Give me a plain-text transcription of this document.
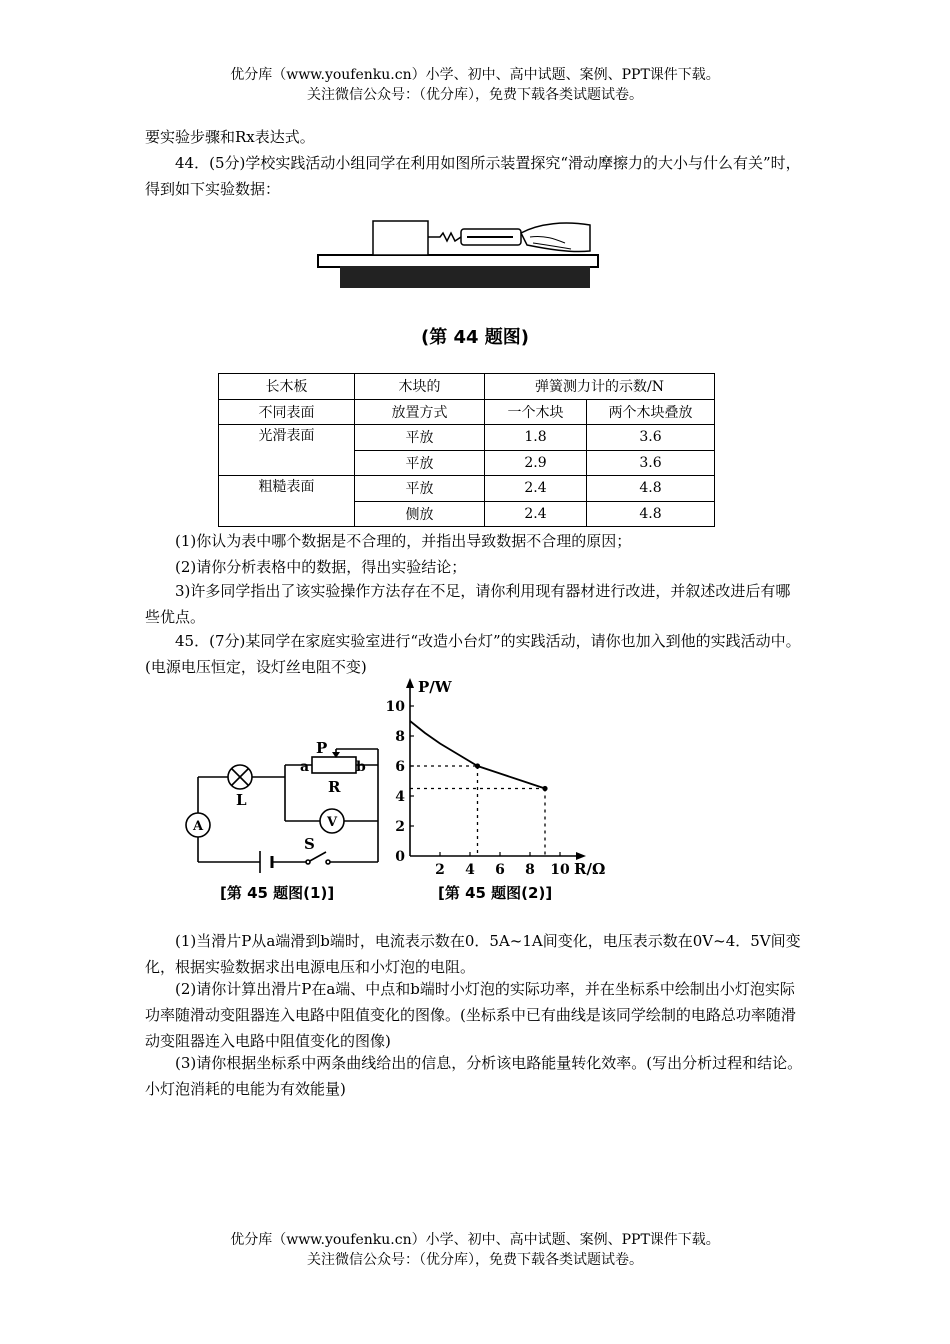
优分库（www.youfenku.cn）小学、初中、高中试题、案例、PPT课件下载。
关注微信公众号：（优分库），免费下载各类试题试卷。
要实验步骤和Rx表达式。
44．(5分)学校实践活动小组同学在利用如图所示装置探究“滑动摩擦力的大小与什么有关”时，得到如下实验数据：
(第 44 题图)
长木板	木块的	弹簧测力计的示数/N	
不同表面	放置方式	一个木块	两个木块叠放
光滑表面	平放	1.8	3.6
	平放	2.9	3.6
粗糙表面	平放	2.4	4.8
	侧放	2.4	4.8
(1)你认为表中哪个数据是不合理的，并指出导致数据不合理的原因；
(2)请你分析表格中的数据，得出实验结论；
3)许多同学指出了该实验操作方法存在不足，请你利用现有器材进行改进，并叙述改进后有哪些优点。
45．(7分)某同学在家庭实验室进行“改造小台灯”的实践活动，请你也加入到他的实践活动中。(电源电压恒定，设灯丝电阻不变)
A	V
a	b
P
R
L
S
[第 45 题图(1)]
0
2
4
6
8
10
2 4 6 8 10
P/W
R/Ω
[第 45 题图(2)]
(1)当滑片P从a端滑到b端时，电流表示数在0．5A~1A间变化，电压表示数在0V~4．5V间变化，根据实验数据求出电源电压和小灯泡的电阻。
(2)请你计算出滑片P在a端、中点和b端时小灯泡的实际功率，并在坐标系中绘制出小灯泡实际功率随滑动变阻器连入电路中阻值变化的图像。(坐标系中已有曲线是该同学绘制的电路总功率随滑动变阻器连入电路中阻值变化的图像)
(3)请你根据坐标系中两条曲线给出的信息，分析该电路能量转化效率。(写出分析过程和结论。小灯泡消耗的电能为有效能量)
优分库（www.youfenku.cn）小学、初中、高中试题、案例、PPT课件下载。
关注微信公众号：（优分库），免费下载各类试题试卷。
